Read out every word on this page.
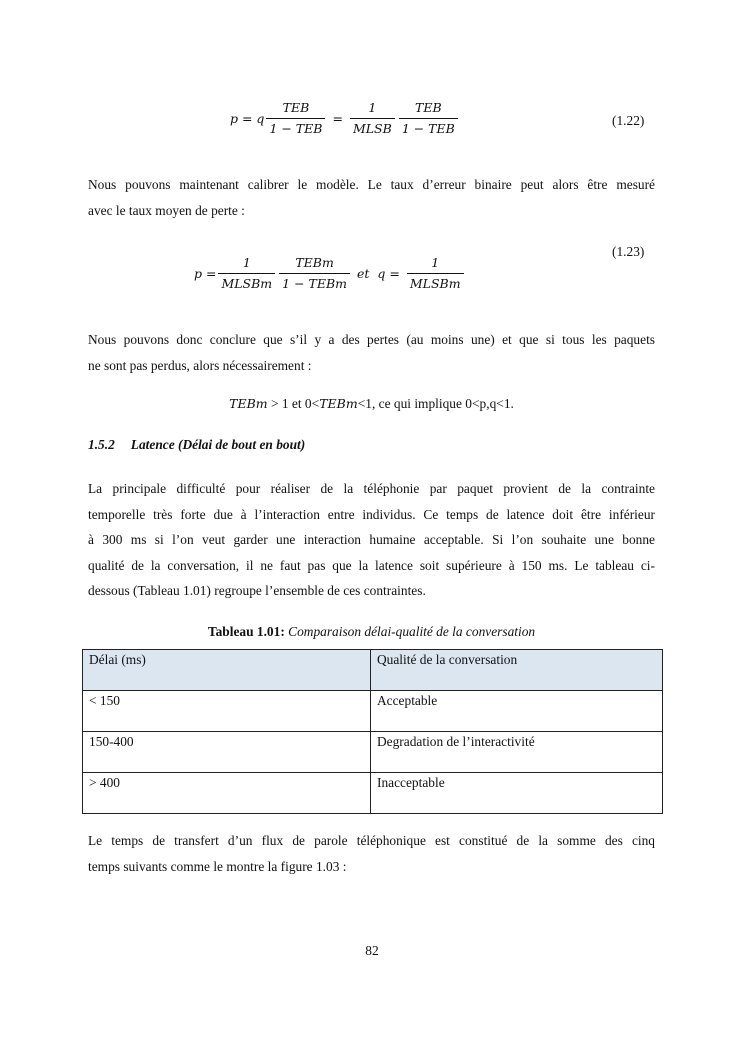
p = q $\frac{\text{TEB}}{\text{1 − TEB}} = \frac{1}{\text{MLSB}} \frac{\text{TEB}}{\text{1 − TEB}}$	(1.22)
Nous pouvons maintenant calibrer le modèle. Le taux d’erreur binaire peut alors être mesuré
avec le taux moyen de perte :
(1.23)
$p = \frac{1}{\text{MLSBm}} \frac{\text{TEBm}}{\text{1 − TEBm}}$ et  $q = \frac{1}{\text{MLSBm}}$
Nous pouvons donc conclure que s’il y a des pertes (au moins une) et que si tous les paquets
ne sont pas perdus, alors nécessairement :
TEBm > 1 et 0<TEBm<1, ce qui implique 0<p,q<1.
1.5.2 Latence (Délai de bout en bout)
La principale difficulté pour réaliser de la téléphonie par paquet provient de la contrainte
temporelle très forte due à l’interaction entre individus. Ce temps de latence doit être inférieur
à 300 ms si l’on veut garder une interaction humaine acceptable. Si l’on souhaite une bonne
qualité de la conversation, il ne faut pas que la latence soit supérieure à 150 ms. Le tableau ci-
dessous (Tableau 1.01) regroupe l’ensemble de ces contraintes.
Tableau 1.01: Comparaison délai-qualité de la conversation
Délai (ms)	Qualité de la conversation
< 150	Acceptable
150-400	Degradation de l’interactivité
> 400	Inacceptable
Le temps de transfert d’un flux de parole téléphonique est constitué de la somme des cinq
temps suivants comme le montre la figure 1.03 :
82
